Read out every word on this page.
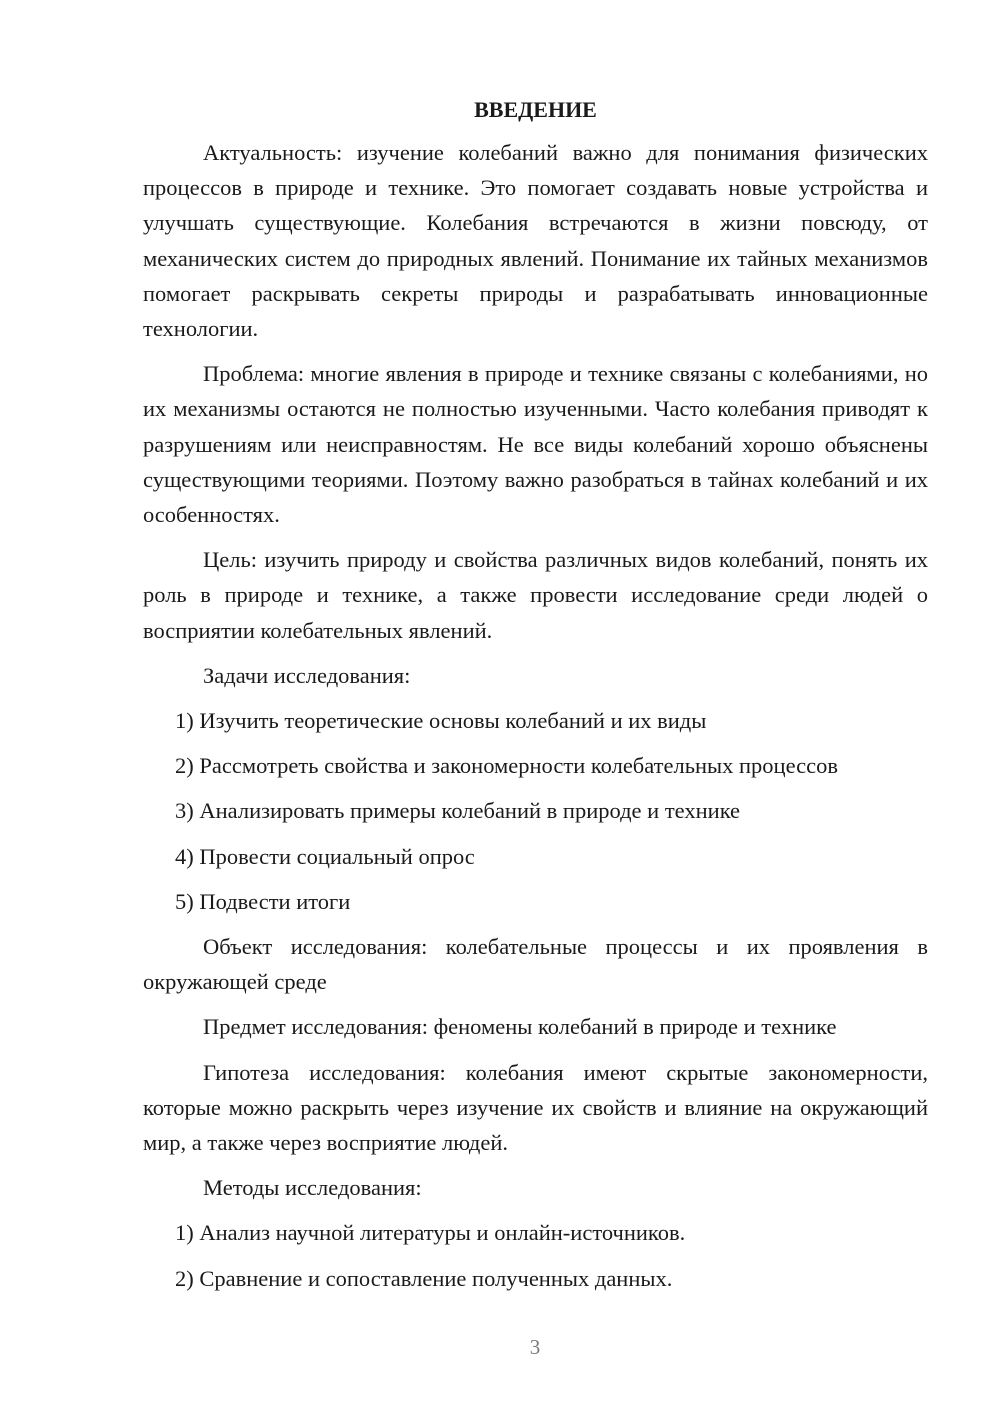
ВВЕДЕНИЕ

Актуальность: изучение колебаний важно для понимания физических процессов в природе и технике. Это помогает создавать новые устройства и улучшать существующие. Колебания встречаются в жизни повсюду, от механических систем до природных явлений. Понимание их тайных механизмов помогает раскрывать секреты природы и разрабатывать инновационные технологии.

Проблема: многие явления в природе и технике связаны с колебаниями, но их механизмы остаются не полностью изученными. Часто колебания приводят к разрушениям или неисправностям. Не все виды колебаний хорошо объяснены существующими теориями. Поэтому важно разобраться в тайнах колебаний и их особенностях.

Цель: изучить природу и свойства различных видов колебаний, понять их роль в природе и технике, а также провести исследование среди людей о восприятии колебательных явлений.

Задачи исследования:

1) Изучить теоретические основы колебаний и их виды
2) Рассмотреть свойства и закономерности колебательных процессов
3) Анализировать примеры колебаний в природе и технике
4) Провести социальный опрос
5) Подвести итоги

Объект исследования: колебательные процессы и их проявления в окружающей среде

Предмет исследования: феномены колебаний в природе и технике

Гипотеза исследования: колебания имеют скрытые закономерности, которые можно раскрыть через изучение их свойств и влияние на окружающий мир, а также через восприятие людей.

Методы исследования:

1) Анализ научной литературы и онлайн-источников.
2) Сравнение и сопоставление полученных данных.
3
